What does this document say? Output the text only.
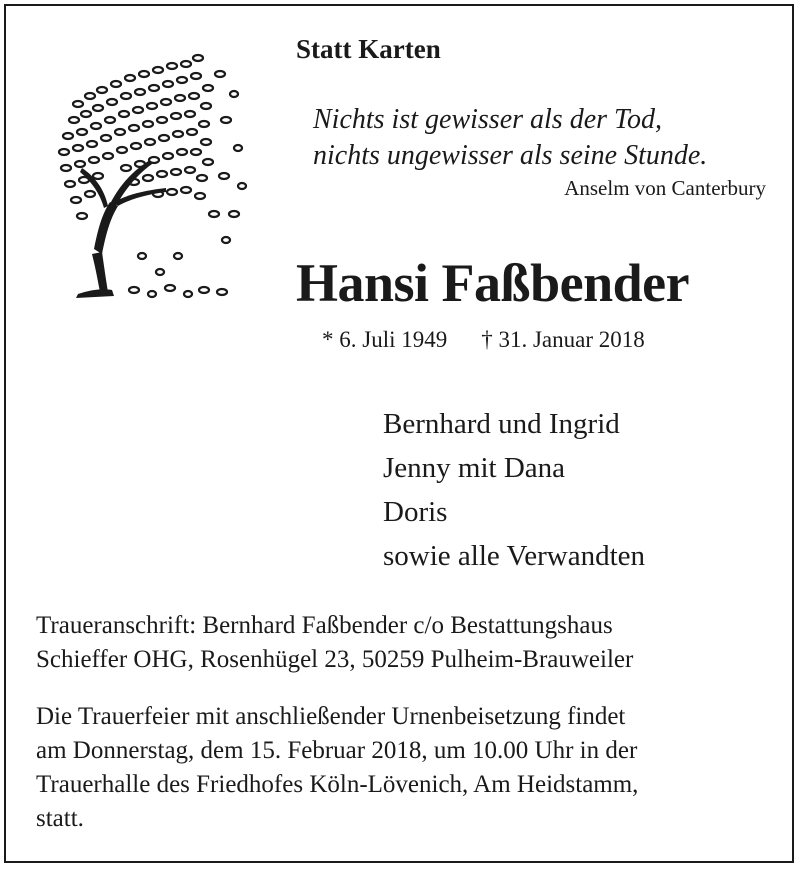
Statt Karten
Nichts ist gewisser als der Tod,
nichts ungewisser als seine Stunde.
Anselm von Canterbury
Hansi Faßbender
* 6. Juli 1949 † 31. Januar 2018
Bernhard und Ingrid
Jenny mit Dana
Doris
sowie alle Verwandten
Traueranschrift: Bernhard Faßbender c/o Bestattungshaus
Schieffer OHG, Rosenhügel 23, 50259 Pulheim-Brauweiler
Die Trauerfeier mit anschließender Urnenbeisetzung findet
am Donnerstag, dem 15. Februar 2018, um 10.00 Uhr in der
Trauerhalle des Friedhofes Köln-Lövenich, Am Heidstamm,
statt.
